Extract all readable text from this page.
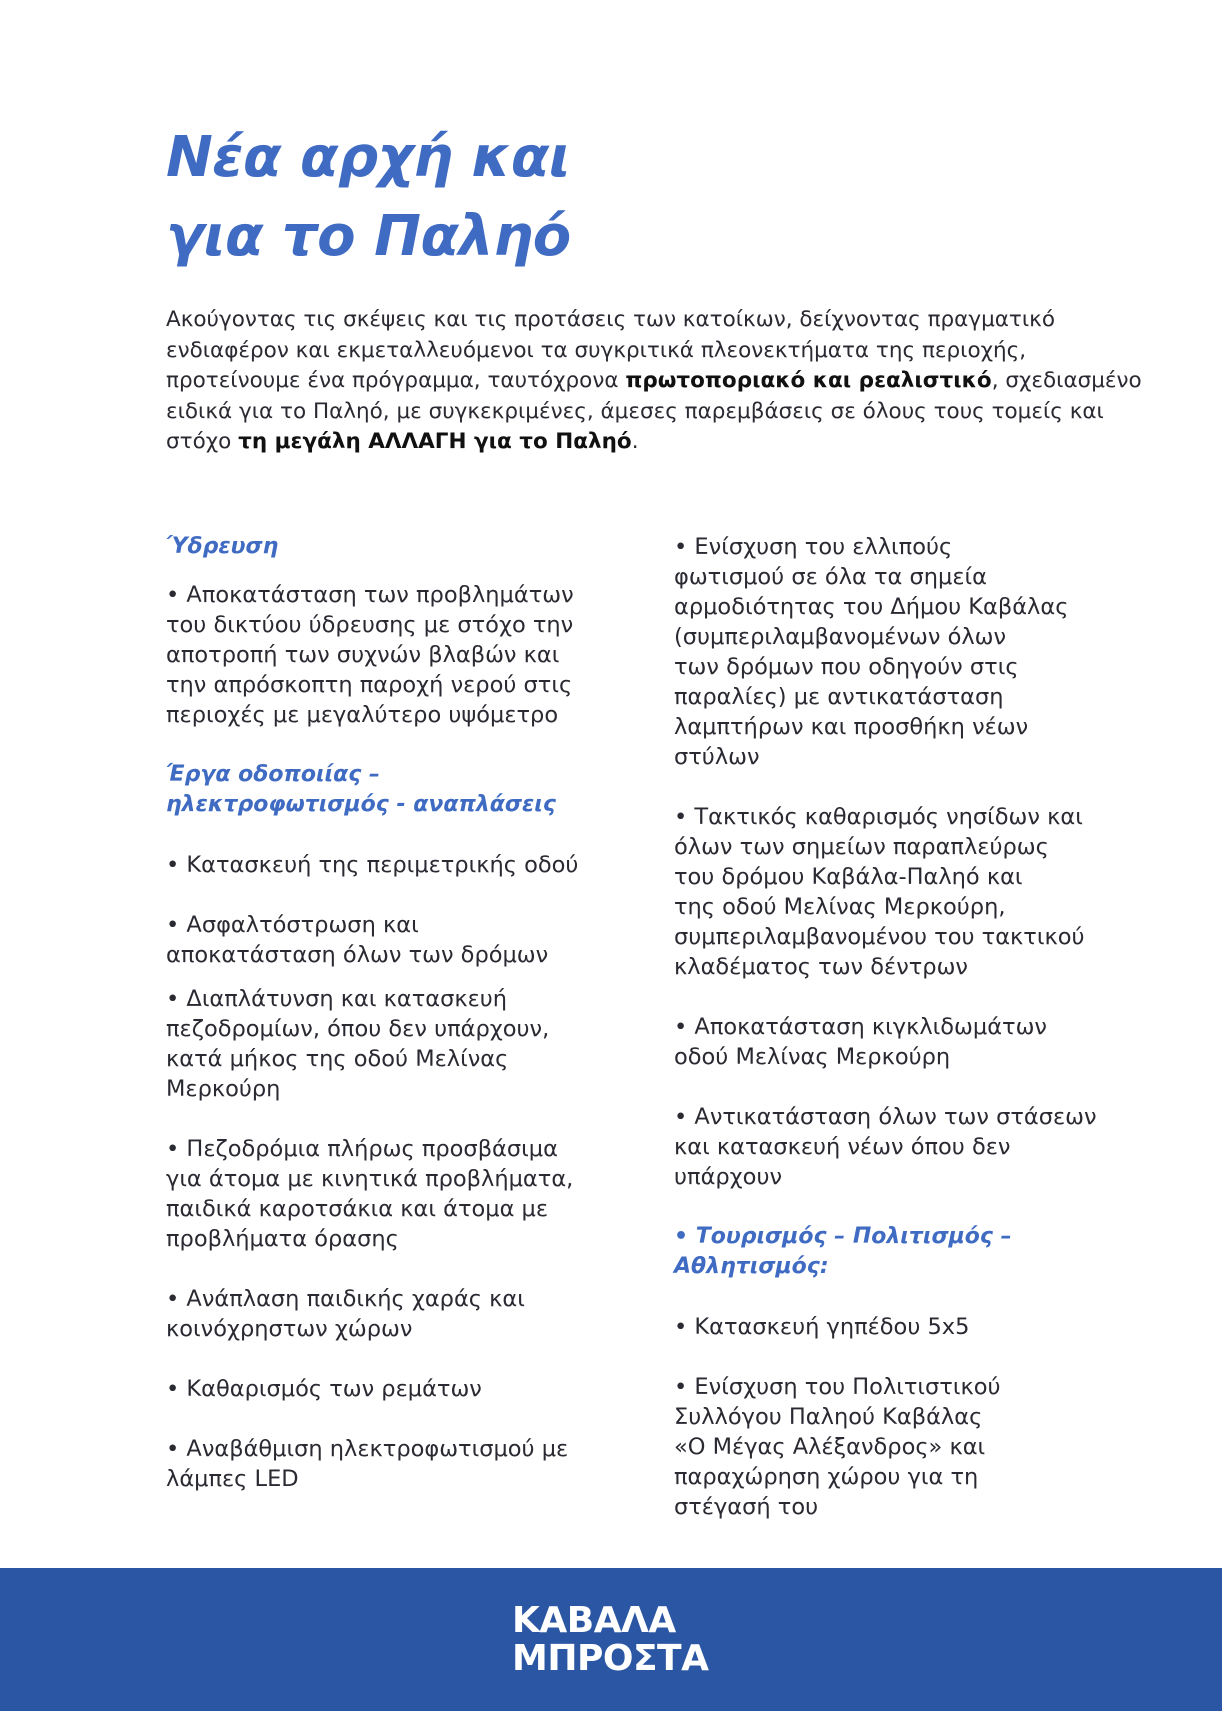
Νέα αρχή και
για το Παληό

Ακούγοντας τις σκέψεις και τις προτάσεις των κατοίκων, δείχνοντας πραγματικό ενδιαφέρον και εκμεταλλευόμενοι τα συγκριτικά πλεονεκτήματα της περιοχής, προτείνουμε ένα πρόγραμμα, ταυτόχρονα πρωτοποριακό και ρεαλιστικό, σχεδιασμένο ειδικά για το Παληό, με συγκεκριμένες, άμεσες παρεμβάσεις σε όλους τους τομείς και στόχο τη μεγάλη ΑΛΛΑΓΗ για το Παληό.

Ύδρευση
• Αποκατάσταση των προβλημάτων
του δικτύου ύδρευσης με στόχο την
αποτροπή των συχνών βλαβών και
την απρόσκοπτη παροχή νερού στις
περιοχές με μεγαλύτερο υψόμετρο
Έργα οδοποιίας –
ηλεκτροφωτισμός - αναπλάσεις
• Κατασκευή της περιμετρικής οδού
• Ασφαλτόστρωση και
αποκατάσταση όλων των δρόμων
• Διαπλάτυνση και κατασκευή
πεζοδρομίων, όπου δεν υπάρχουν,
κατά μήκος της οδού Μελίνας
Μερκούρη
• Πεζοδρόμια πλήρως προσβάσιμα
για άτομα με κινητικά προβλήματα,
παιδικά καροτσάκια και άτομα με
προβλήματα όρασης
• Ανάπλαση παιδικής χαράς και
κοινόχρηστων χώρων
• Καθαρισμός των ρεμάτων
• Αναβάθμιση ηλεκτροφωτισμού με
λάμπες LED
• Ενίσχυση του ελλιπούς
φωτισμού σε όλα τα σημεία
αρμοδιότητας του Δήμου Καβάλας
(συμπεριλαμβανομένων όλων
των δρόμων που οδηγούν στις
παραλίες) με αντικατάσταση
λαμπτήρων και προσθήκη νέων
στύλων
• Τακτικός καθαρισμός νησίδων και
όλων των σημείων παραπλεύρως
του δρόμου Καβάλα-Παληό και
της οδού Μελίνας Μερκούρη,
συμπεριλαμβανομένου του τακτικού
κλαδέματος των δέντρων
• Αποκατάσταση κιγκλιδωμάτων
οδού Μελίνας Μερκούρη
• Αντικατάσταση όλων των στάσεων
και κατασκευή νέων όπου δεν
υπάρχουν
• Τουρισμός – Πολιτισμός –
Αθλητισμός:
• Κατασκευή γηπέδου 5x5
• Ενίσχυση του Πολιτιστικού
Συλλόγου Παληού Καβάλας
«Ο Μέγας Αλέξανδρος» και
παραχώρηση χώρου για τη
στέγασή του
ΚΑΒΑΛΑ
ΜΠΡΟΣΤΑ
